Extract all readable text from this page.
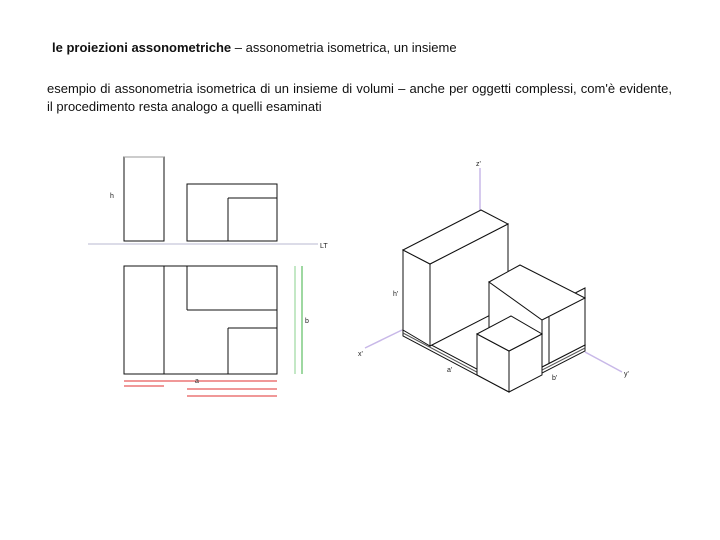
le proiezioni assonometriche – assonometria isometrica, un insieme
esempio di assonometria isometrica di un insieme di volumi – anche per oggetti complessi, com'è evidente, il procedimento resta analogo a quelli esaminati
h
LT
b
a
z'
h'
x'
a'
b'
y'
